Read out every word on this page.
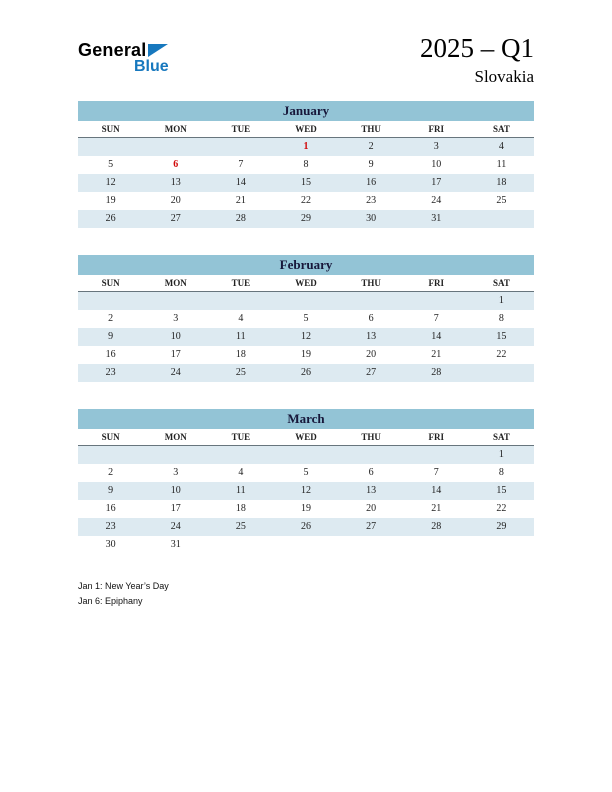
General
Blue
2025 – Q1
Slovakia
January
SUN	MON	TUE	WED	THU	FRI	SAT
			1	2	3	4
5	6	7	8	9	10	11
12	13	14	15	16	17	18
19	20	21	22	23	24	25
26	27	28	29	30	31	
February
SUN	MON	TUE	WED	THU	FRI	SAT
						1
2	3	4	5	6	7	8
9	10	11	12	13	14	15
16	17	18	19	20	21	22
23	24	25	26	27	28	
March
SUN	MON	TUE	WED	THU	FRI	SAT
						1
2	3	4	5	6	7	8
9	10	11	12	13	14	15
16	17	18	19	20	21	22
23	24	25	26	27	28	29
30	31					
Jan 1: New Year’s Day
Jan 6: Epiphany
